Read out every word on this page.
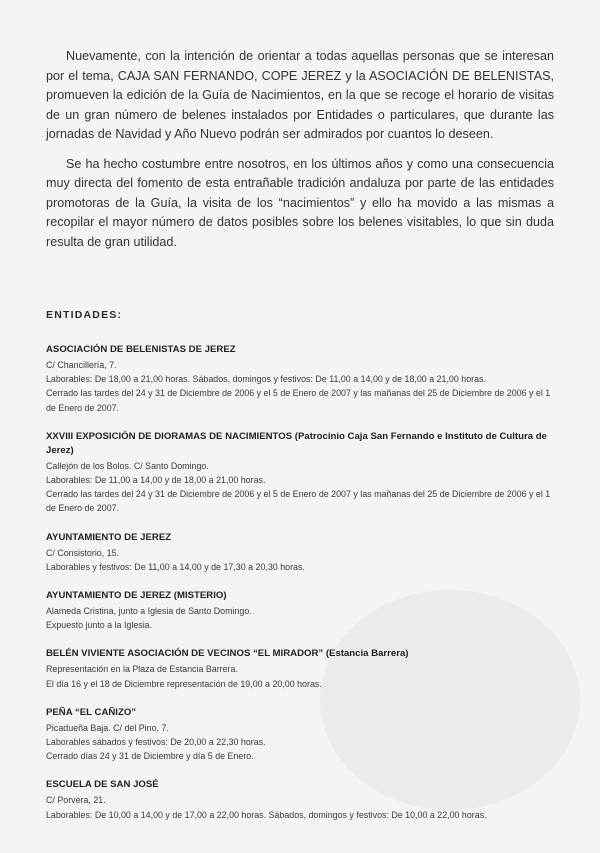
Nuevamente, con la intención de orientar a todas aquellas personas que se interesan por el tema, CAJA SAN FERNANDO, COPE JEREZ y la ASOCIACIÓN DE BELENISTAS, promueven la edición de la Guía de Nacimientos, en la que se recoge el horario de visitas de un gran número de belenes instalados por Entidades o particulares, que durante las jornadas de Navidad y Año Nuevo podrán ser admirados por cuantos lo deseen.

Se ha hecho costumbre entre nosotros, en los últimos años y como una consecuencia muy directa del fomento de esta entrañable tradición andaluza por parte de las entidades promotoras de la Guía, la visita de los “nacimientos” y ello ha movido a las mismas a recopilar el mayor número de datos posibles sobre los belenes visitables, lo que sin duda resulta de gran utilidad.

ENTIDADES:
ASOCIACIÓN DE BELENISTAS DE JEREZ
C/ Chancillería, 7.
Laborables: De 18,00 a 21,00 horas. Sábados, domingos y festivos: De 11,00 a 14,00 y de 18,00 a 21,00 horas.
Cerrado las tardes del 24 y 31 de Diciembre de 2006 y el 5 de Enero de 2007 y las mañanas del 25 de Diciembre de 2006 y el 1 de Enero de 2007.
XXVIII EXPOSICIÓN DE DIORAMAS DE NACIMIENTOS (Patrocinio Caja San Fernando e Instituto de Cultura de Jerez)
Callejón de los Bolos. C/ Santo Domingo.
Laborables: De 11,00 a 14,00 y de 18,00 a 21,00 horas.
Cerrado las tardes del 24 y 31 de Diciembre de 2006 y el 5 de Enero de 2007 y las mañanas del 25 de Diciembre de 2006 y el 1 de Enero de 2007.
AYUNTAMIENTO DE JEREZ
C/ Consistorio, 15.
Laborables y festivos: De 11,00 a 14,00 y de 17,30 a 20,30 horas.
AYUNTAMIENTO DE JEREZ (MISTERIO)
Alameda Cristina, junto a Iglesia de Santo Domingo.
Expuesto junto a la Iglesia.
BELÉN VIVIENTE ASOCIACIÓN DE VECINOS “EL MIRADOR” (Estancia Barrera)
Representación en la Plaza de Estancia Barrera.
El día 16 y el 18 de Diciembre representación de 19,00 a 20,00 horas.
PEÑA “EL CAÑIZO”
Picadueña Baja. C/ del Pino, 7.
Laborables sábados y festivos: De 20,00 a 22,30 horas.
Cerrado días 24 y 31 de Diciembre y día 5 de Enero.
ESCUELA DE SAN JOSÉ
C/ Porvera, 21.
Laborables: De 10,00 a 14,00 y de 17,00 a 22,00 horas. Sábados, domingos y festivos: De 10,00 a 22,00 horas.
